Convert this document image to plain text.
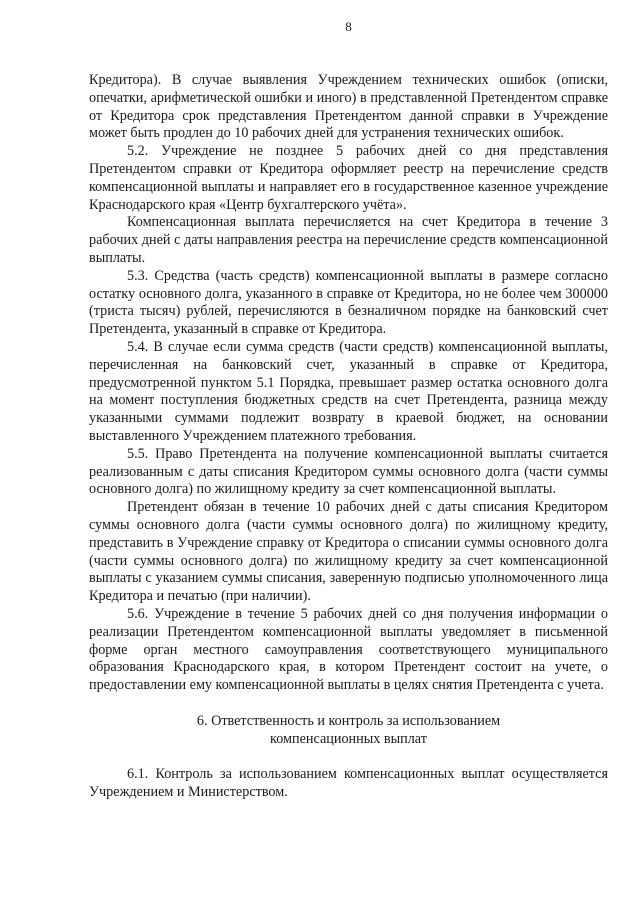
8

Кредитора). В случае выявления Учреждением технических ошибок (описки, опечатки, арифметической ошибки и иного) в представленной Претендентом справке от Кредитора срок представления Претендентом данной справки в Учреждение может быть продлен до 10 рабочих дней для устранения технических ошибок.

5.2. Учреждение не позднее 5 рабочих дней со дня представления Претендентом справки от Кредитора оформляет реестр на перечисление средств компенсационной выплаты и направляет его в государственное казенное учреждение Краснодарского края «Центр бухгалтерского учёта».

Компенсационная выплата перечисляется на счет Кредитора в течение 3 рабочих дней с даты направления реестра на перечисление средств компенсационной выплаты.

5.3. Средства (часть средств) компенсационной выплаты в размере согласно остатку основного долга, указанного в справке от Кредитора, но не более чем 300000 (триста тысяч) рублей, перечисляются в безналичном порядке на банковский счет Претендента, указанный в справке от Кредитора.

5.4. В случае если сумма средств (части средств) компенсационной выплаты, перечисленная на банковский счет, указанный в справке от Кредитора, предусмотренной пунктом 5.1 Порядка, превышает размер остатка основного долга на момент поступления бюджетных средств на счет Претендента, разница между указанными суммами подлежит возврату в краевой бюджет, на основании выставленного Учреждением платежного требования.

5.5. Право Претендента на получение компенсационной выплаты считается реализованным с даты списания Кредитором суммы основного долга (части суммы основного долга) по жилищному кредиту за счет компенсационной выплаты.

Претендент обязан в течение 10 рабочих дней с даты списания Кредитором суммы основного долга (части суммы основного долга) по жилищному кредиту, представить в Учреждение справку от Кредитора о списании суммы основного долга (части суммы основного долга) по жилищному кредиту за счет компенсационной выплаты с указанием суммы списания, заверенную подписью уполномоченного лица Кредитора и печатью (при наличии).

5.6. Учреждение в течение 5 рабочих дней со дня получения информации о реализации Претендентом компенсационной выплаты уведомляет в письменной форме орган местного самоуправления соответствующего муниципального образования Краснодарского края, в котором Претендент состоит на учете, о предоставлении ему компенсационной выплаты в целях снятия Претендента с учета.

6. Ответственность и контроль за использованием
компенсационных выплат

6.1. Контроль за использованием компенсационных выплат осуществляется Учреждением и Министерством.
